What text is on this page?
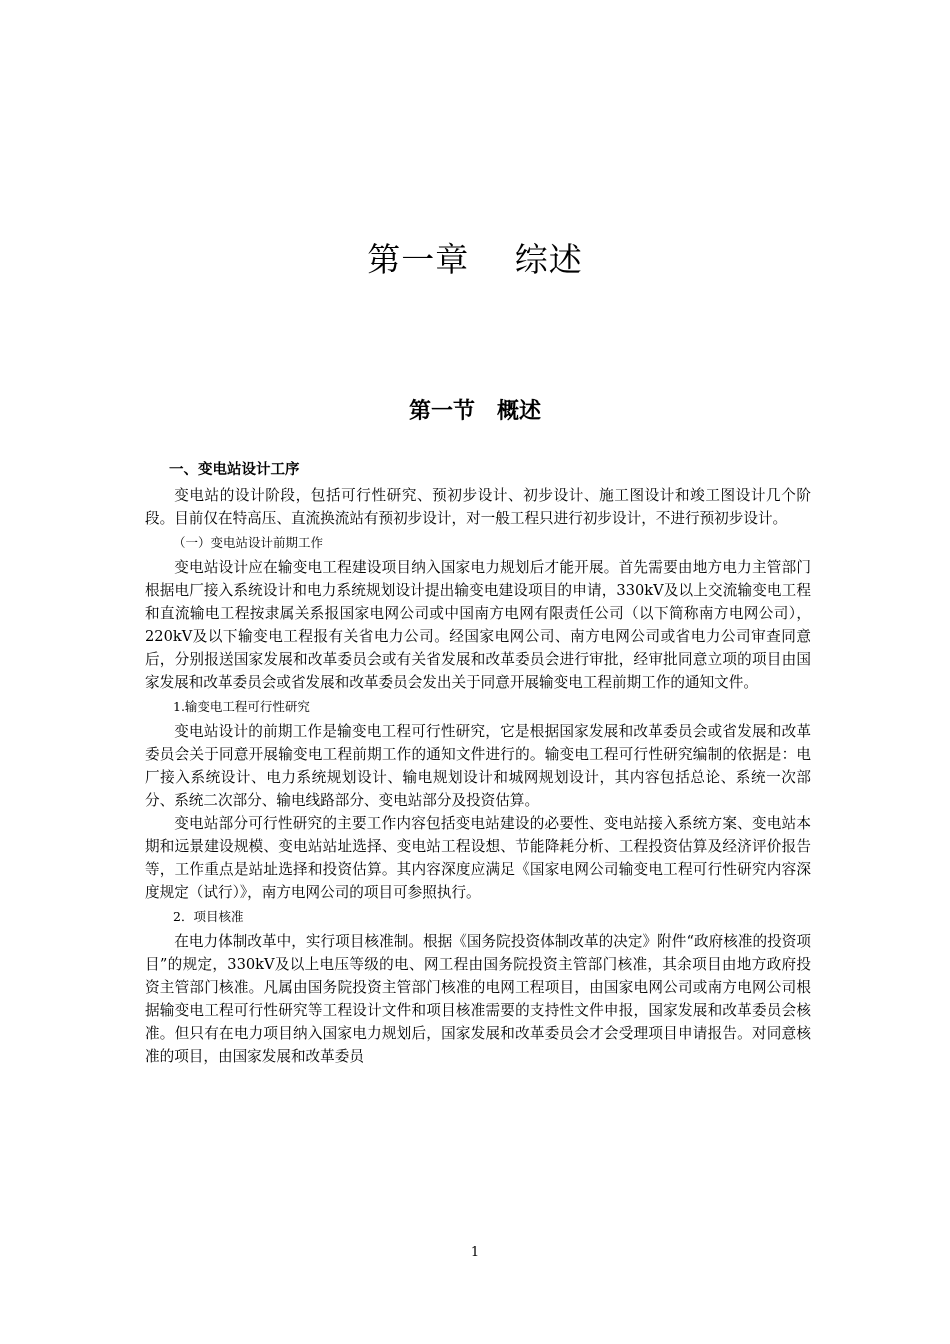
第一章　 综述
第一节　概述

一、变电站设计工序

变电站的设计阶段，包括可行性研究、预初步设计、初步设计、施工图设计和竣工图设计几个阶段。目前仅在特高压、直流换流站有预初步设计，对一般工程只进行初步设计，不进行预初步设计。

（一）变电站设计前期工作

变电站设计应在输变电工程建设项目纳入国家电力规划后才能开展。首先需要由地方电力主管部门根据电厂接入系统设计和电力系统规划设计提出输变电建设项目的申请，330kV及以上交流输变电工程和直流输电工程按隶属关系报国家电网公司或中国南方电网有限责任公司（以下简称南方电网公司），220kV及以下输变电工程报有关省电力公司。经国家电网公司、南方电网公司或省电力公司审查同意后，分别报送国家发展和改革委员会或有关省发展和改革委员会进行审批，经审批同意立项的项目由国家发展和改革委员会或省发展和改革委员会发出关于同意开展输变电工程前期工作的通知文件。

1.输变电工程可行性研究

变电站设计的前期工作是输变电工程可行性研究，它是根据国家发展和改革委员会或省发展和改革委员会关于同意开展输变电工程前期工作的通知文件进行的。输变电工程可行性研究编制的依据是：电厂接入系统设计、电力系统规划设计、输电规划设计和城网规划设计，其内容包括总论、系统一次部分、系统二次部分、输电线路部分、变电站部分及投资估算。

变电站部分可行性研究的主要工作内容包括变电站建设的必要性、变电站接入系统方案、变电站本期和远景建设规模、变电站站址选择、变电站工程设想、节能降耗分析、工程投资估算及经济评价报告等，工作重点是站址选择和投资估算。其内容深度应满足《国家电网公司输变电工程可行性研究内容深度规定（试行）》，南方电网公司的项目可参照执行。

2．项目核准

在电力体制改革中，实行项目核准制。根据《国务院投资体制改革的决定》附件“政府核准的投资项目”的规定，330kV及以上电压等级的电、网工程由国务院投资主管部门核准，其余项目由地方政府投资主管部门核准。凡属由国务院投资主管部门核准的电网工程项目，由国家电网公司或南方电网公司根据输变电工程可行性研究等工程设计文件和项目核准需要的支持性文件申报，国家发展和改革委员会核准。但只有在电力项目纳入国家电力规划后，国家发展和改革委员会才会受理项目申请报告。对同意核准的项目，由国家发展和改革委员

1
